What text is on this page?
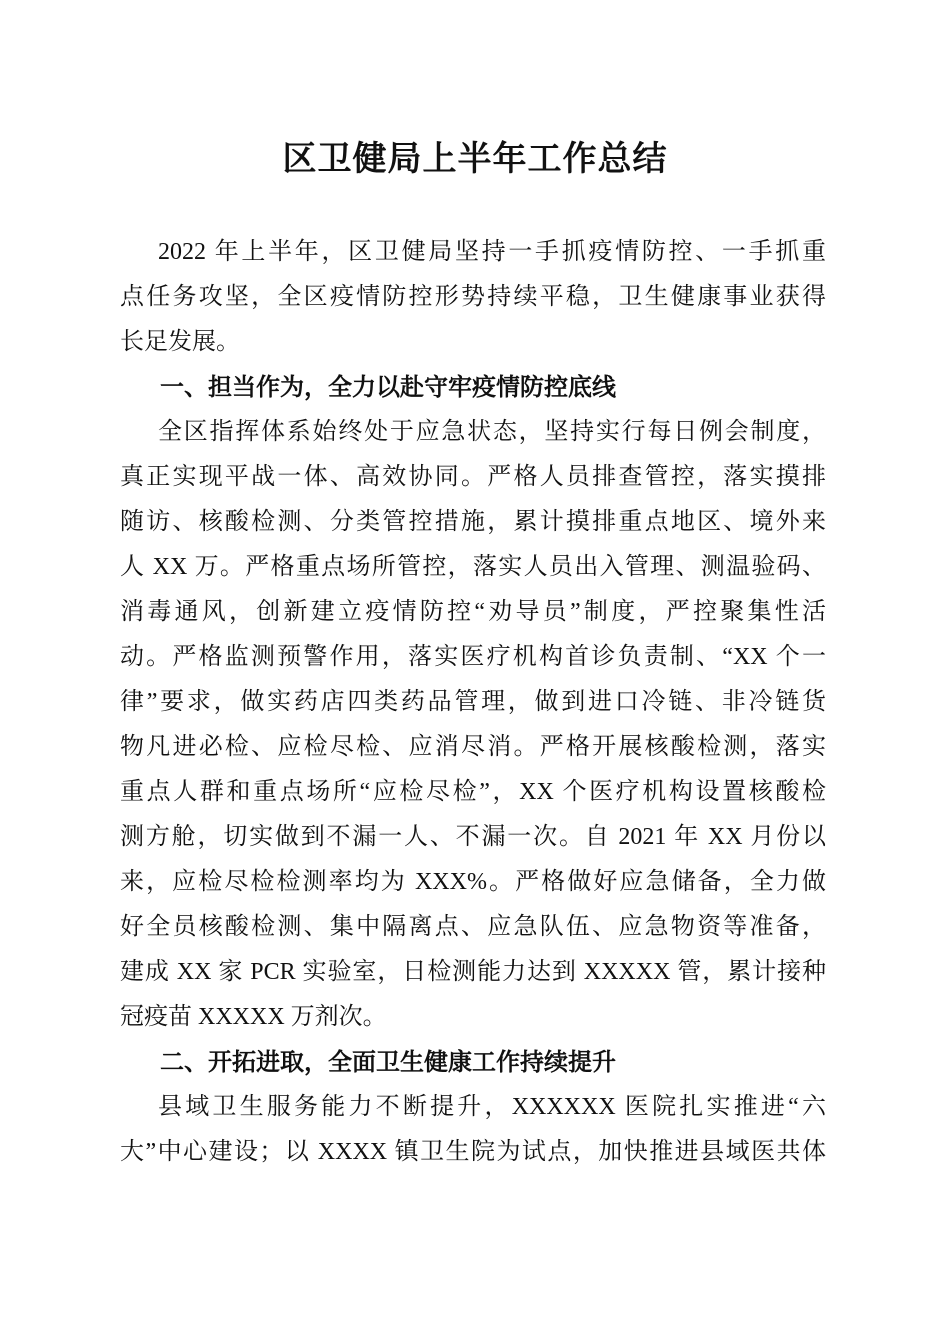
区卫健局上半年工作总结
2022 年上半年，区卫健局坚持一手抓疫情防控、一手抓重
点任务攻坚，全区疫情防控形势持续平稳，卫生健康事业获得
长足发展。
一、担当作为，全力以赴守牢疫情防控底线
全区指挥体系始终处于应急状态，坚持实行每日例会制度，
真正实现平战一体、高效协同。严格人员排查管控，落实摸排
随访、核酸检测、分类管控措施，累计摸排重点地区、境外来
人 XX 万。严格重点场所管控，落实人员出入管理、测温验码、
消毒通风，创新建立疫情防控“劝导员”制度，严控聚集性活
动。严格监测预警作用，落实医疗机构首诊负责制、“XX 个一
律”要求，做实药店四类药品管理，做到进口冷链、非冷链货
物凡进必检、应检尽检、应消尽消。严格开展核酸检测，落实
重点人群和重点场所“应检尽检”，XX 个医疗机构设置核酸检
测方舱，切实做到不漏一人、不漏一次。自 2021 年 XX 月份以
来，应检尽检检测率均为 XXX%。严格做好应急储备，全力做
好全员核酸检测、集中隔离点、应急队伍、应急物资等准备，
建成 XX 家 PCR 实验室，日检测能力达到 XXXXX 管，累计接种
冠疫苗 XXXXX 万剂次。
二、开拓进取，全面卫生健康工作持续提升
县域卫生服务能力不断提升，XXXXXX 医院扎实推进“六
大”中心建设；以 XXXX 镇卫生院为试点，加快推进县域医共体
